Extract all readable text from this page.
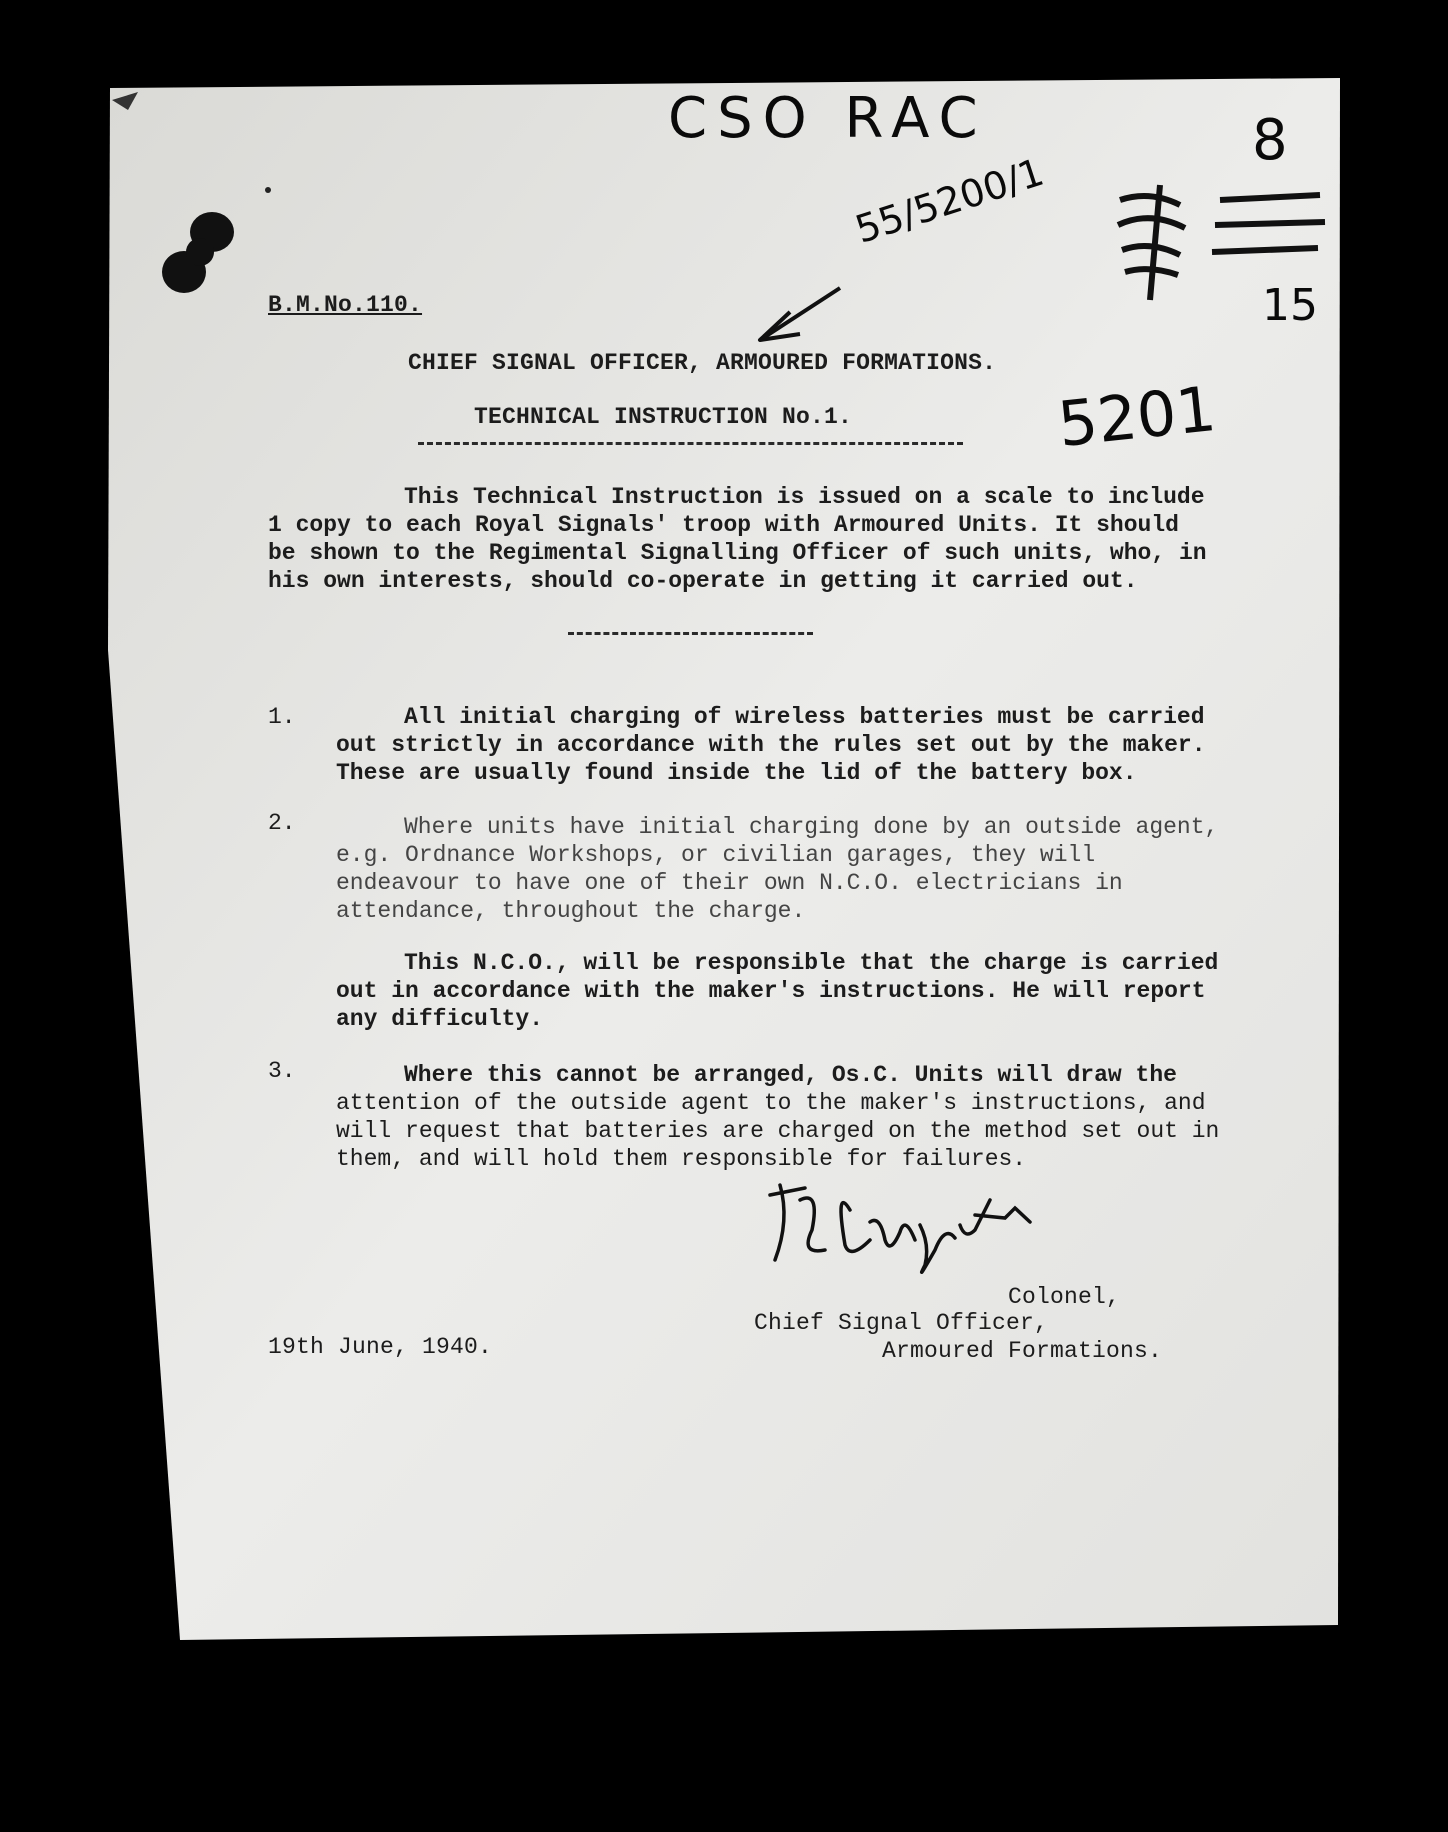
CSO RAC
55/5200/1
8
15
5201
B.M.No.110.
CHIEF SIGNAL OFFICER, ARMOURED FORMATIONS.
TECHNICAL INSTRUCTION No.1.
This Technical Instruction is issued on a scale to include
1 copy to each Royal Signals' troop with Armoured Units. It should
be shown to the Regimental Signalling Officer of such units, who, in
his own interests, should co-operate in getting it carried out.
1.	All initial charging of wireless batteries must be carried
out strictly in accordance with the rules set out by the maker.
These are usually found inside the lid of the battery box.
2.	Where units have initial charging done by an outside agent,
e.g. Ordnance Workshops, or civilian garages, they will
endeavour to have one of their own N.C.O. electricians in
attendance, throughout the charge.
This N.C.O., will be responsible that the charge is carried
out in accordance with the maker's instructions. He will report
any difficulty.
3.	Where this cannot be arranged, Os.C. Units will draw the
attention of the outside agent to the maker's instructions, and
will request that batteries are charged on the method set out in
them, and will hold them responsible for failures.
Colonel,
Chief Signal Officer,
Armoured Formations.
19th June, 1940.
